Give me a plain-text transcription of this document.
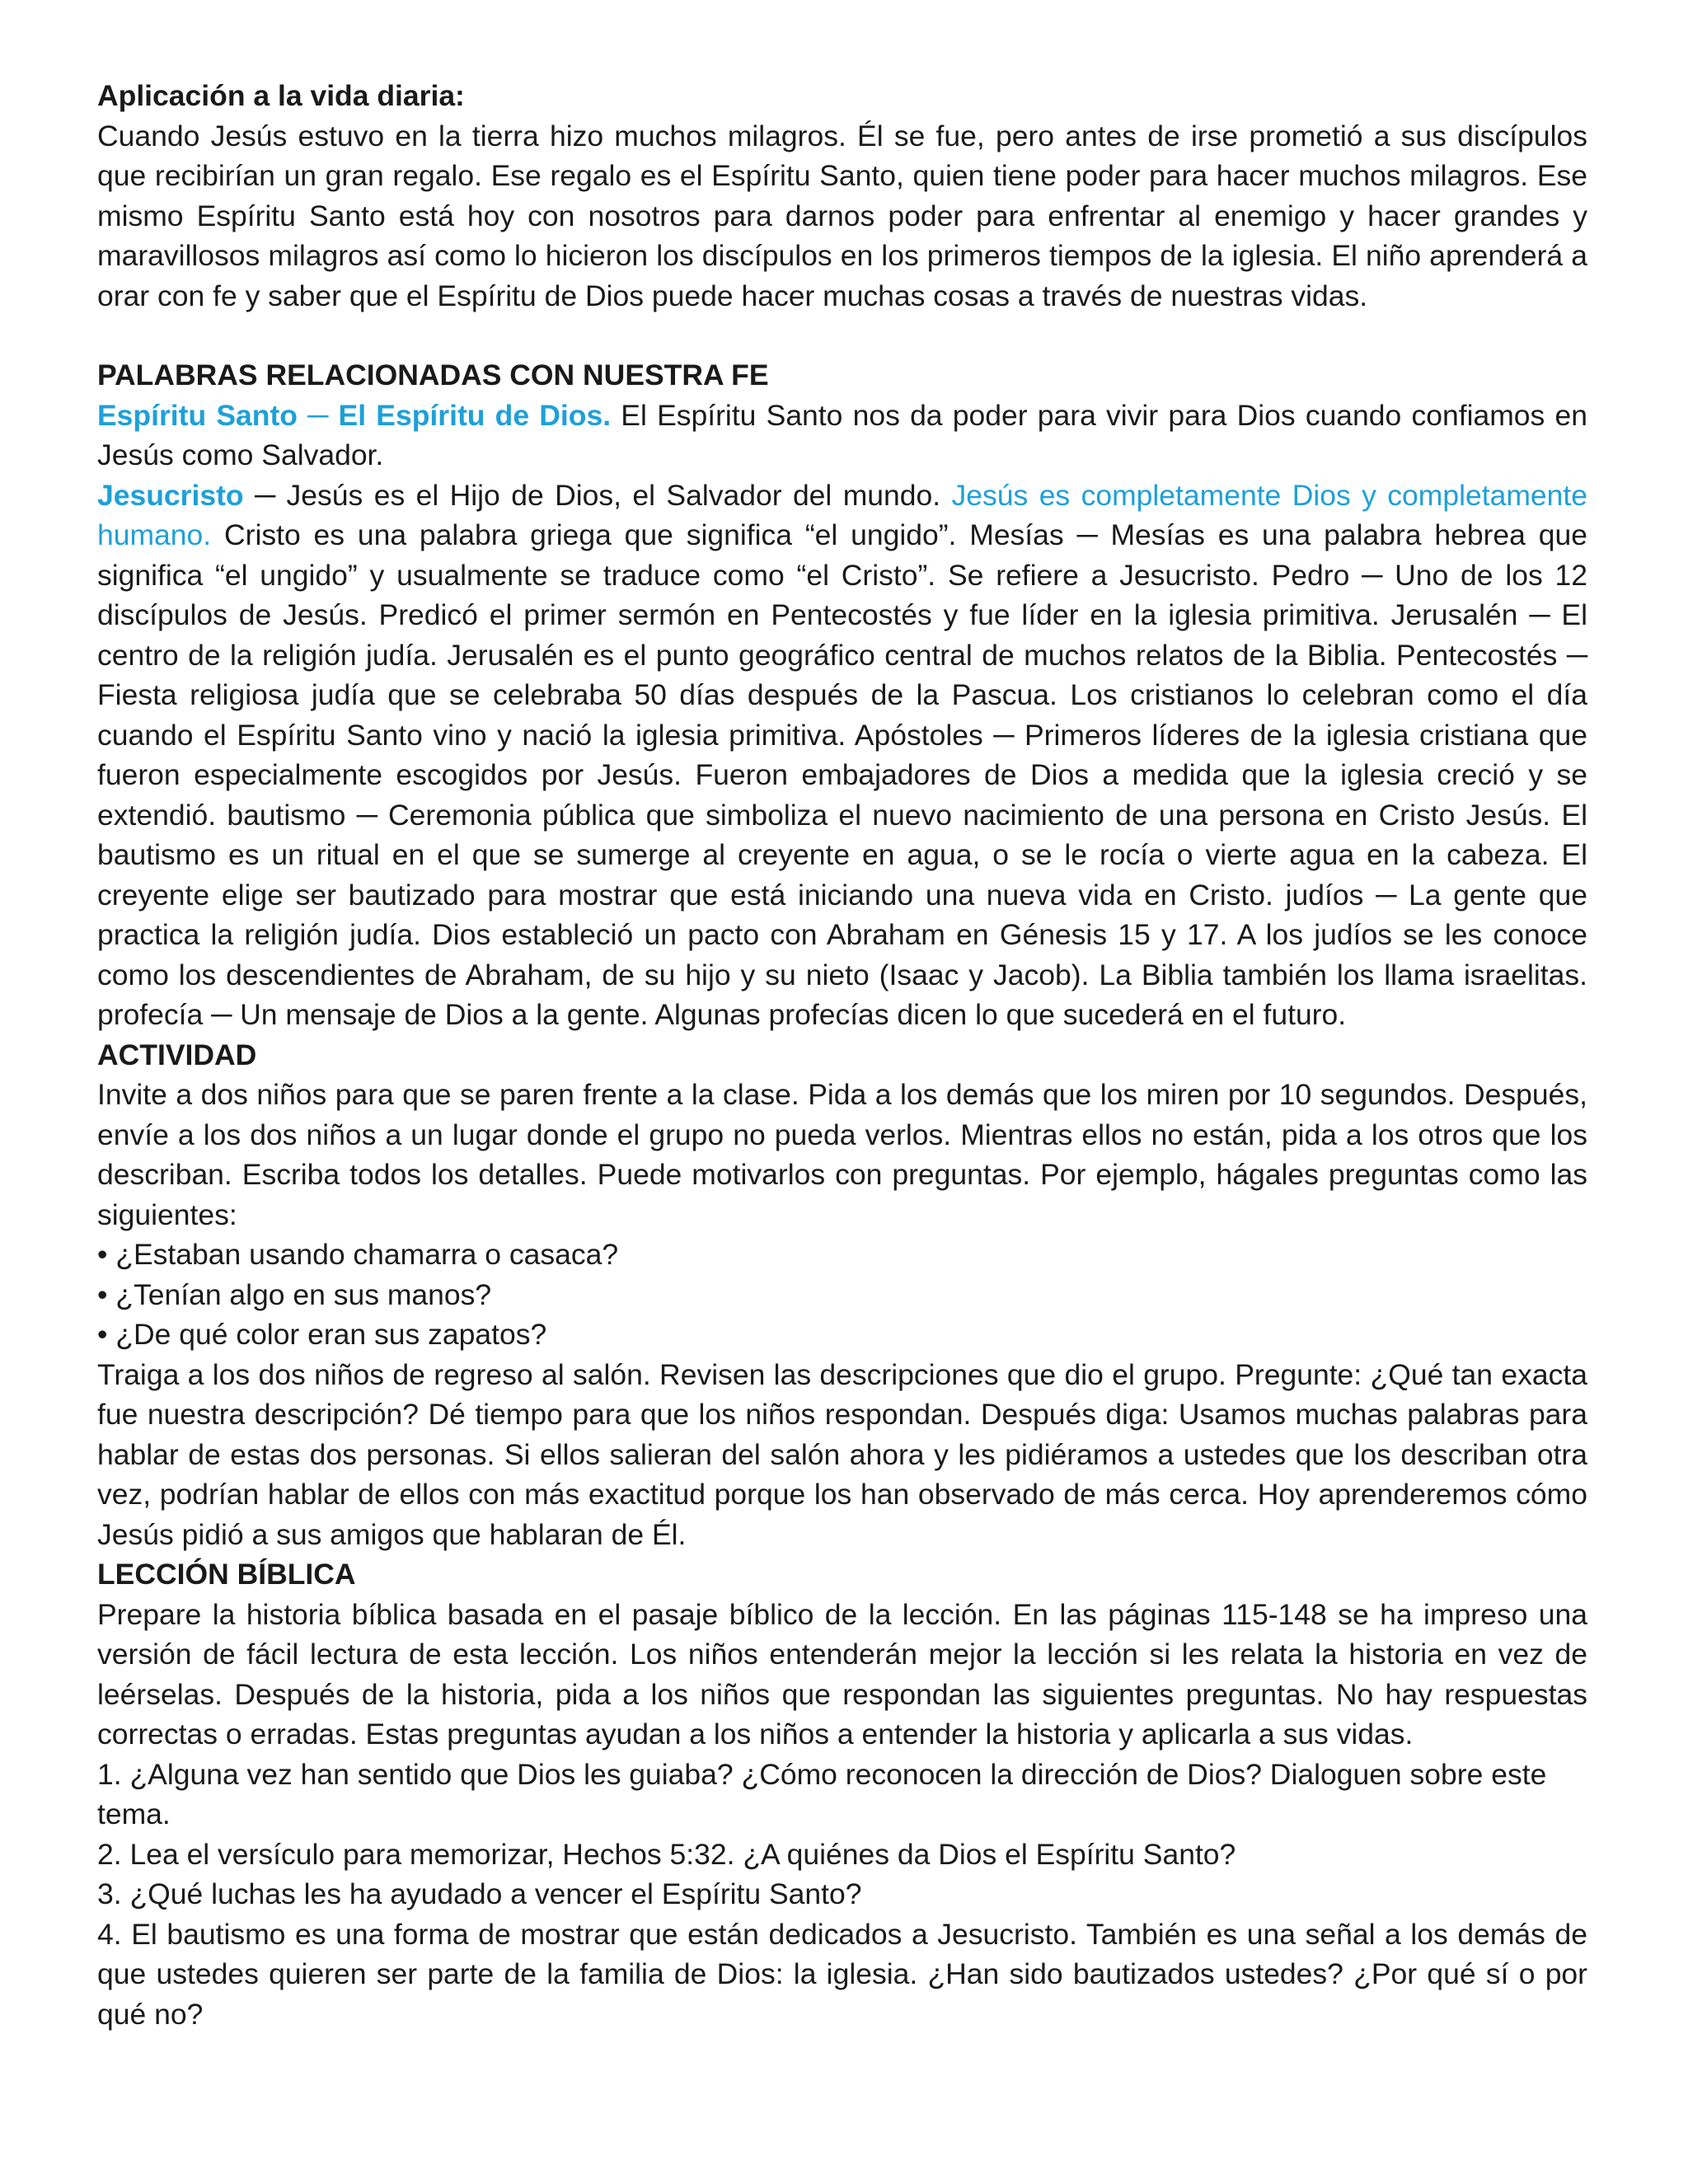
Aplicación a la vida diaria:

Cuando Jesús estuvo en la tierra hizo muchos milagros. Él se fue, pero antes de irse prometió a sus discípulos que recibirían un gran regalo. Ese regalo es el Espíritu Santo, quien tiene poder para hacer muchos milagros. Ese mismo Espíritu Santo está hoy con nosotros para darnos poder para enfrentar al enemigo y hacer grandes y maravillosos milagros así como lo hicieron los discípulos en los primeros tiempos de la iglesia. El niño aprenderá a orar con fe y saber que el Espíritu de Dios puede hacer muchas cosas a través de nuestras vidas.

PALABRAS RELACIONADAS CON NUESTRA FE

Espíritu Santo ─ El Espíritu de Dios. El Espíritu Santo nos da poder para vivir para Dios cuando confiamos en Jesús como Salvador.

Jesucristo ─ Jesús es el Hijo de Dios, el Salvador del mundo. Jesús es completamente Dios y completamente humano. Cristo es una palabra griega que significa “el ungido”. Mesías ─ Mesías es una palabra hebrea que significa “el ungido” y usualmente se traduce como “el Cristo”. Se refiere a Jesucristo. Pedro ─ Uno de los 12 discípulos de Jesús. Predicó el primer sermón en Pentecostés y fue líder en la iglesia primitiva. Jerusalén ─ El centro de la religión judía. Jerusalén es el punto geográfico central de muchos relatos de la Biblia. Pentecostés ─ Fiesta religiosa judía que se celebraba 50 días después de la Pascua. Los cristianos lo celebran como el día cuando el Espíritu Santo vino y nació la iglesia primitiva. Apóstoles ─ Primeros líderes de la iglesia cristiana que fueron especialmente escogidos por Jesús. Fueron embajadores de Dios a medida que la iglesia creció y se extendió. bautismo ─ Ceremonia pública que simboliza el nuevo nacimiento de una persona en Cristo Jesús. El bautismo es un ritual en el que se sumerge al creyente en agua, o se le rocía o vierte agua en la cabeza. El creyente elige ser bautizado para mostrar que está iniciando una nueva vida en Cristo. judíos ─ La gente que practica la religión judía. Dios estableció un pacto con Abraham en Génesis 15 y 17. A los judíos se les conoce como los descendientes de Abraham, de su hijo y su nieto (Isaac y Jacob). La Biblia también los llama israelitas. profecía ─ Un mensaje de Dios a la gente. Algunas profecías dicen lo que sucederá en el futuro.

ACTIVIDAD

Invite a dos niños para que se paren frente a la clase. Pida a los demás que los miren por 10 segundos. Después, envíe a los dos niños a un lugar donde el grupo no pueda verlos. Mientras ellos no están, pida a los otros que los describan. Escriba todos los detalles. Puede motivarlos con preguntas. Por ejemplo, hágales preguntas como las siguientes:

• ¿Estaban usando chamarra o casaca?

• ¿Tenían algo en sus manos?

• ¿De qué color eran sus zapatos?

Traiga a los dos niños de regreso al salón. Revisen las descripciones que dio el grupo. Pregunte: ¿Qué tan exacta fue nuestra descripción? Dé tiempo para que los niños respondan. Después diga: Usamos muchas palabras para hablar de estas dos personas. Si ellos salieran del salón ahora y les pidiéramos a ustedes que los describan otra vez, podrían hablar de ellos con más exactitud porque los han observado de más cerca. Hoy aprenderemos cómo Jesús pidió a sus amigos que hablaran de Él.

LECCIÓN BÍBLICA

Prepare la historia bíblica basada en el pasaje bíblico de la lección. En las páginas 115-148 se ha impreso una versión de fácil lectura de esta lección. Los niños entenderán mejor la lección si les relata la historia en vez de leérselas. Después de la historia, pida a los niños que respondan las siguientes preguntas. No hay respuestas correctas o erradas. Estas preguntas ayudan a los niños a entender la historia y aplicarla a sus vidas.

1. ¿Alguna vez han sentido que Dios les guiaba? ¿Cómo reconocen la dirección de Dios? Dialoguen sobre este tema.

2. Lea el versículo para memorizar, Hechos 5:32. ¿A quiénes da Dios el Espíritu Santo?

3. ¿Qué luchas les ha ayudado a vencer el Espíritu Santo?

4. El bautismo es una forma de mostrar que están dedicados a Jesucristo. También es una señal a los demás de que ustedes quieren ser parte de la familia de Dios: la iglesia. ¿Han sido bautizados ustedes? ¿Por qué sí o por qué no?
